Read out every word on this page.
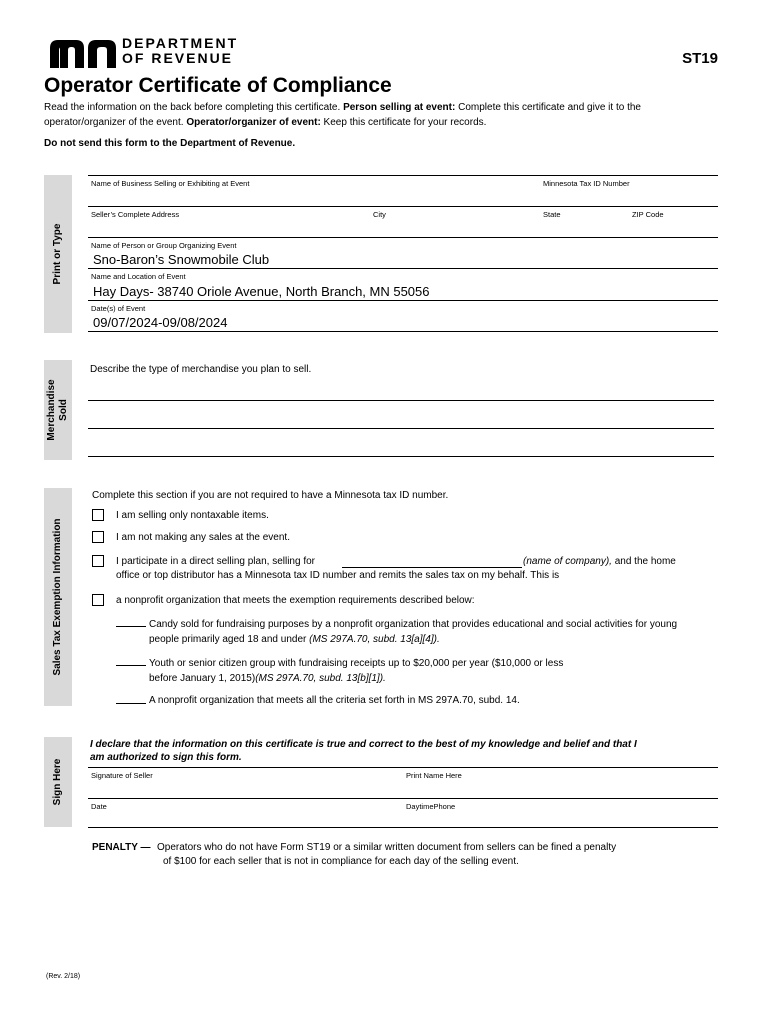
DEPARTMENT
OF REVENUE	ST19
Operator Certificate of Compliance
Read the information on the back before completing this certificate. Person selling at event: Complete this certificate and give it to the operator/organizer of the event. Operator/organizer of event: Keep this certificate for your records.
Do not send this form to the Department of Revenue.
Print or Type
Name of Business Selling or Exhibiting at Event	Minnesota Tax ID Number
Seller’s Complete Address	City	State	ZIP Code
Name of Person or Group Organizing Event
Sno-Baron’s Snowmobile Club
Name and Location of Event
Hay Days- 38740 Oriole Avenue, North Branch, MN 55056
Date(s) of Event
09/07/2024-09/08/2024
Merchandise Sold
Describe the type of merchandise you plan to sell.
Sales Tax Exemption Information
Complete this section if you are not required to have a Minnesota tax ID number.
I am selling only nontaxable items.
I am not making any sales at the event.
I participate in a direct selling plan, selling for	(name of company), and the home
office or top distributor has a Minnesota tax ID number and remits the sales tax on my behalf. This is
a nonprofit organization that meets the exemption requirements described below:
Candy sold for fundraising purposes by a nonprofit organization that provides educational and social activities for young
people primarily aged 18 and under (MS 297A.70, subd. 13[a][4]).
Youth or senior citizen group with fundraising receipts up to $20,000 per year ($10,000 or less
before January 1, 2015)(MS 297A.70, subd. 13[b][1]).
A nonprofit organization that meets all the criteria set forth in MS 297A.70, subd. 14.
Sign Here
I declare that the information on this certificate is true and correct to the best of my knowledge and belief and that I am authorized to sign this form.
Signature of Seller	Print Name Here
Date	DaytimePhone
PENALTY — Operators who do not have Form ST19 or a similar written document from sellers can be fined a penalty
of $100 for each seller that is not in compliance for each day of the selling event.
(Rev. 2/18)
